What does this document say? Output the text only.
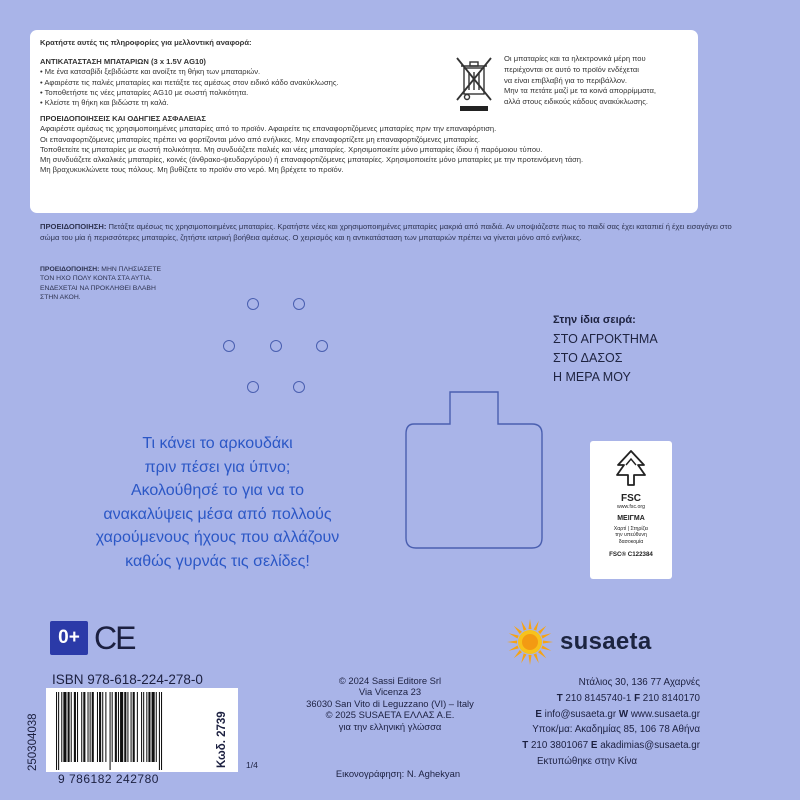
Κρατήστε αυτές τις πληροφορίες για μελλοντική αναφορά:

ΑΝΤΙΚΑΤΑΣΤΑΣΗ ΜΠΑΤΑΡΙΩΝ (3 x 1.5V AG10)

• Με ένα κατσαβίδι ξεβιδώστε και ανοίξτε τη θήκη των μπαταριών.

• Αφαιρέστε τις παλιές μπαταρίες και πετάξτε τες αμέσως στον ειδικό κάδο ανακύκλωσης.

• Τοποθετήστε τις νέες μπαταρίες AG10 με σωστή πολικότητα.

• Κλείστε τη θήκη και βιδώστε τη καλά.

ΠΡΟΕΙΔΟΠΟΙΗΣΕΙΣ ΚΑΙ ΟΔΗΓΙΕΣ ΑΣΦΑΛΕΙΑΣ

Αφαιρέστε αμέσως τις χρησιμοποιημένες μπαταρίες από το προϊόν. Αφαιρείτε τις επαναφορτιζόμενες μπαταρίες πριν την επαναφόρτιση.

Οι επαναφορτιζόμενες μπαταρίες πρέπει να φορτίζονται μόνο από ενήλικες. Μην επαναφορτίζετε μη επαναφορτιζόμενες μπαταρίες.

Τοποθετείτε τις μπαταρίες με σωστή πολικότητα. Μη συνδυάζετε παλιές και νέες μπαταρίες. Χρησιμοποιείτε μόνο μπαταρίες ίδιου ή παρόμοιου τύπου.

Μη συνδυάζετε αλκαλικές μπαταρίες, κοινές (άνθρακο-ψευδαργύρου) ή επαναφορτιζόμενες μπαταρίες. Χρησιμοποιείτε μόνο μπαταρίες με την προτεινόμενη τάση.

Μη βραχυκυκλώνετε τους πόλους. Μη βυθίζετε το προϊόν στο νερό. Μη βρέχετε το προϊόν.

Οι μπαταρίες και τα ηλεκτρονικά μέρη που
περιέχονται σε αυτό το προϊόν ενδέχεται
να είναι επιβλαβή για το περιβάλλον.
Μην τα πετάτε μαζί με τα κοινά απορρίμματα,
αλλά στους ειδικούς κάδους ανακύκλωσης.
ΠΡΟΕΙΔΟΠΟΙΗΣΗ: Πετάξτε αμέσως τις χρησιμοποιημένες μπαταρίες. Κρατήστε νέες και χρησιμοποιημένες μπαταρίες μακριά από παιδιά. Αν υποψιάζεστε πως το παιδί σας έχει καταπιεί ή έχει εισαγάγει στο σώμα του μία ή περισσότερες μπαταρίες, ζητήστε ιατρική βοήθεια αμέσως. Ο χειρισμός και η αντικατάσταση των μπαταριών πρέπει να γίνεται μόνο από ενήλικες.
ΠΡΟΕΙΔΟΠΟΙΗΣΗ: ΜΗΝ ΠΛΗΣΙΑΣΕΤΕ
ΤΟΝ ΗΧΟ ΠΟΛΥ ΚΟΝΤΑ ΣΤΑ ΑΥΤΙΑ.
ΕΝΔΕΧΕΤΑΙ ΝΑ ΠΡΟΚΛΗΘΕΙ ΒΛΑΒΗ
ΣΤΗΝ ΑΚΟΗ.
Στην ίδια σειρά:
ΣΤΟ ΑΓΡΟΚΤΗΜΑ
ΣΤΟ ΔΑΣΟΣ
Η ΜΕΡΑ ΜΟΥ
Τι κάνει το αρκουδάκι
πριν πέσει για ύπνο;
Ακολούθησέ το για να το
ανακαλύψεις μέσα από πολλούς
χαρούμενους ήχους που αλλάζουν
καθώς γυρνάς τις σελίδες!
FSC
www.fsc.org
ΜΕΙΓΜΑ
Χαρτί | Στηρίζει
την υπεύθυνη
δασοκομία
FSC® C122384
0+ CE
ISBN 978-618-224-278-0
9 786182 242780
250304038	Κωδ. 2739 1/4
© 2024 Sassi Editore Srl
Via Vicenza 23
36030 San Vito di Leguzzano (VI) – Italy
© 2025 SUSAETA ΕΛΛΑΣ Α.Ε.
για την ελληνική γλώσσα
Εικονογράφηση: N. Aghekyan
susaeta
Ντάλιος 30, 136 77 Αχαρνές
T 210 8145740-1 F 210 8140170
E info@susaeta.gr W www.susaeta.gr
Υποκ/μα: Ακαδημίας 85, 106 78 Αθήνα
T 210 3801067 E akadimias@susaeta.gr
Εκτυπώθηκε στην Κίνα
